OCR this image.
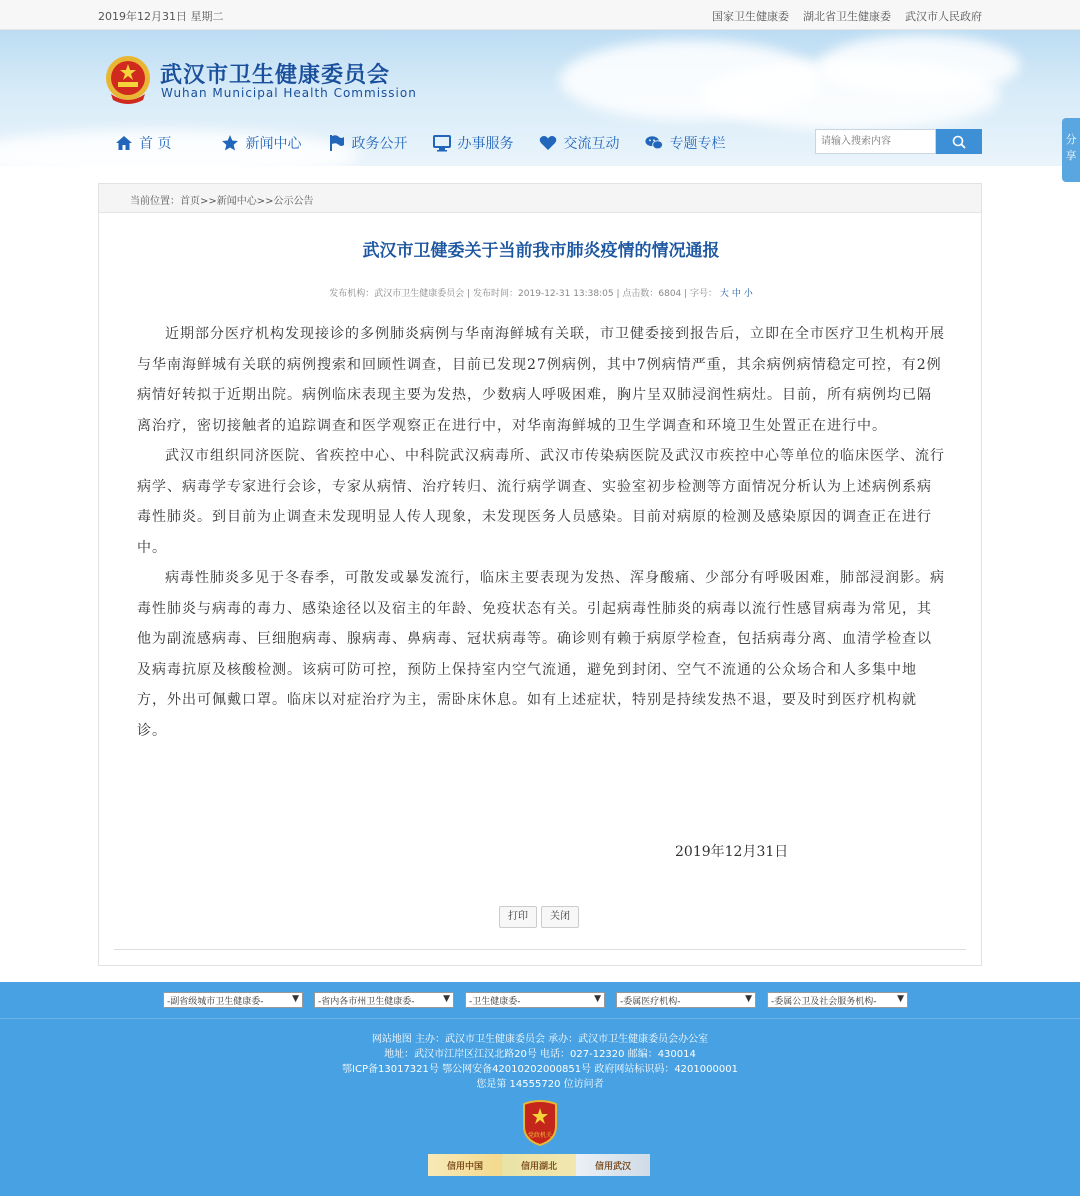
2019年12月31日 星期二	国家卫生健康委 湖北省卫生健康委 武汉市人民政府
武汉市卫生健康委员会
Wuhan Municipal Health Commission
首 页	新闻中心	政务公开	办事服务	交流互动	专题专栏
请输入搜索内容	分享
当前位置：首页>>新闻中心>>公示公告
武汉市卫健委关于当前我市肺炎疫情的情况通报
发布机构：武汉市卫生健康委员会 | 发布时间：2019-12-31 13:38:05 | 点击数：6804 | 字号： 大 中 小

近期部分医疗机构发现接诊的多例肺炎病例与华南海鲜城有关联，市卫健委接到报告后，立即在全市医疗卫生机构开展与华南海鲜城有关联的病例搜索和回顾性调查，目前已发现27例病例，其中7例病情严重，其余病例病情稳定可控，有2例病情好转拟于近期出院。病例临床表现主要为发热，少数病人呼吸困难，胸片呈双肺浸润性病灶。目前，所有病例均已隔离治疗，密切接触者的追踪调查和医学观察正在进行中，对华南海鲜城的卫生学调查和环境卫生处置正在进行中。

武汉市组织同济医院、省疾控中心、中科院武汉病毒所、武汉市传染病医院及武汉市疾控中心等单位的临床医学、流行病学、病毒学专家进行会诊，专家从病情、治疗转归、流行病学调查、实验室初步检测等方面情况分析认为上述病例系病毒性肺炎。到目前为止调查未发现明显人传人现象，未发现医务人员感染。目前对病原的检测及感染原因的调查正在进行中。

病毒性肺炎多见于冬春季，可散发或暴发流行，临床主要表现为发热、浑身酸痛、少部分有呼吸困难，肺部浸润影。病毒性肺炎与病毒的毒力、感染途径以及宿主的年龄、免疫状态有关。引起病毒性肺炎的病毒以流行性感冒病毒为常见，其他为副流感病毒、巨细胞病毒、腺病毒、鼻病毒、冠状病毒等。确诊则有赖于病原学检查，包括病毒分离、血清学检查以及病毒抗原及核酸检测。该病可防可控，预防上保持室内空气流通，避免到封闭、空气不流通的公众场合和人多集中地方，外出可佩戴口罩。临床以对症治疗为主，需卧床休息。如有上述症状，特别是持续发热不退，要及时到医疗机构就诊。

2019年12月31日
打印	关闭
-副省级城市卫生健康委-	▼ -省内各市州卫生健康委-	▼ -卫生健康委-	▼ -委属医疗机构-	▼ -委属公卫及社会服务机构- ▼
网站地图 主办：武汉市卫生健康委员会 承办：武汉市卫生健康委员会办公室
地址：武汉市江岸区江汉北路20号 电话：027-12320 邮编：430014
鄂ICP备13017321号 鄂公网安备42010202000851号 政府网站标识码：4201000001
您是第 14555720 位访问者
党政机关
信用中国	信用湖北	信用武汉
